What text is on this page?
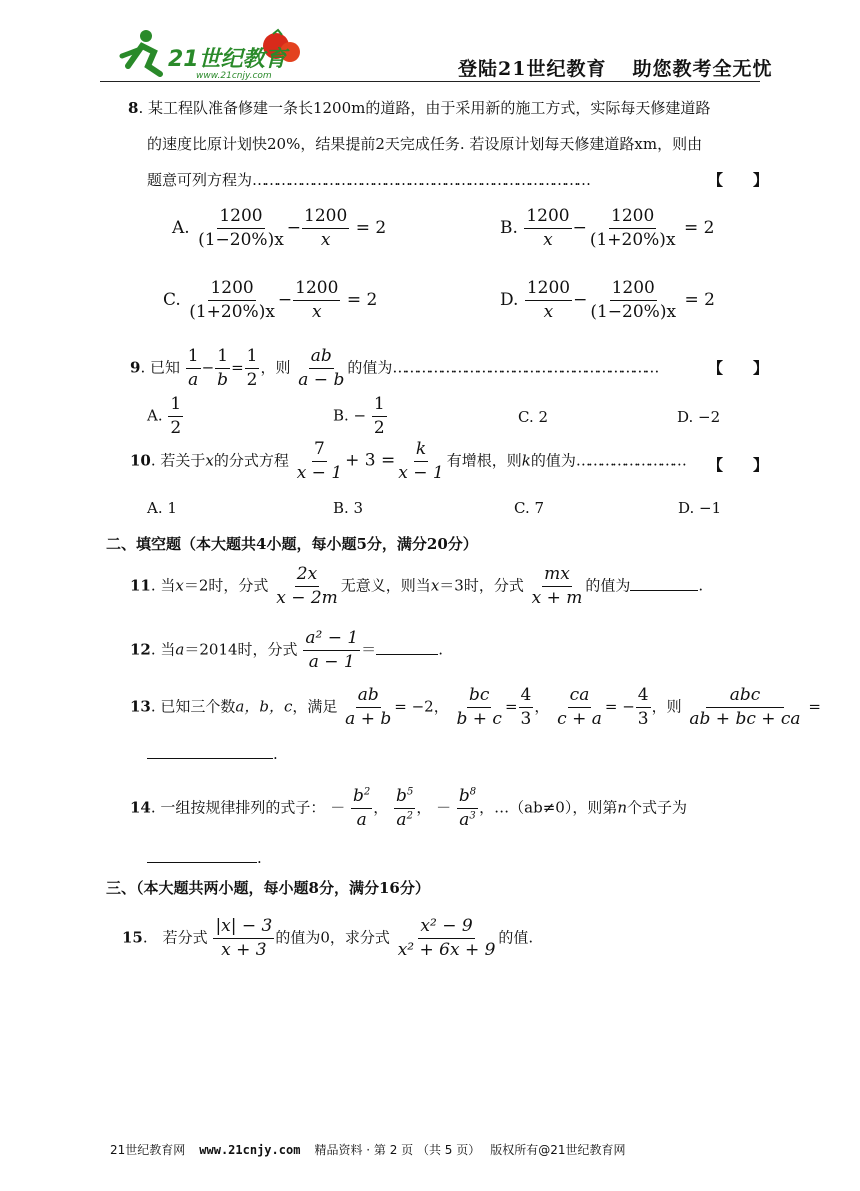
21世纪教育
www.21cnjy.com	登陆21世纪教育 助您教考全无忧
8. 某工程队准备修建一条长1200m的道路，由于采用新的施工方式，实际每天修建道路
的速度比原计划快20%，结果提前2天完成任务. 若设原计划每天修建道路xm，则由
题意可列方程为…………………………………………………………………………	【　　】
A. $\frac{1200}{(1-20\%)x} - \frac{1200}{x} = 2$	B. $\frac{1200}{x} - \frac{1200}{(1+20\%)x} = 2$
C. $\frac{1200}{(1+20\%)x} - \frac{1200}{x} = 2$	D. $\frac{1200}{x} - \frac{1200}{(1-20\%)x} = 2$
9. 已知 $\frac{1}{a} - \frac{1}{b} = \frac{1}{2}$ ，则 $\frac{ab}{a - b}$ 的值为…………………………………………………………	【　　】
A. $\frac{1}{2}$	B. − $\frac{1}{2}$	C. 2	D. −2
10. 若关于x的分式方程 $\frac{7}{x - 1} + 3 = \frac{k}{x - 1}$ 有增根，则k的值为……………………… 【　　】
A. 1	B. 3	C. 7	D. −1
二、填空题（本大题共4小题，每小题5分，满分20分）
11. 当x＝2时，分式 $\frac{2x}{x - 2m}$ 无意义，则当x＝3时，分式 $\frac{mx}{x + m}$ 的值为	.
12. 当a＝2014时，分式 $\frac{\text{a² − 1}}{a - 1}$ ＝	.
13. 已知三个数a，b，c，满足 $\frac{ab}{a + b} = -2$， $\frac{bc}{b + c} = \frac{4}{3}$ ， $\frac{ca}{c + a}$ = − $\frac{4}{3}$ ，则 $\frac{\text{abc}}{ab + bc + ca}$ =
.
14. 一组按规律排列的式子： － $\frac{b^2}{a}$ ， $\frac{b^5}{a^2}$ ， － $\frac{b^8}{a^3}$ ，…（ab≠0），则第n个式子为
.
三、（本大题共两小题，每小题8分，满分16分）
15.　若分式 $\frac{|x| - 3}{x + 3}$ 的值为0，求分式 $\frac{\text{x² − 9}}{\text{x² + 6x + 9}}$ 的值.
21世纪教育网 www.21cnjy.com 精品资料 · 第 2 页 （共 5 页） 版权所有@21世纪教育网
